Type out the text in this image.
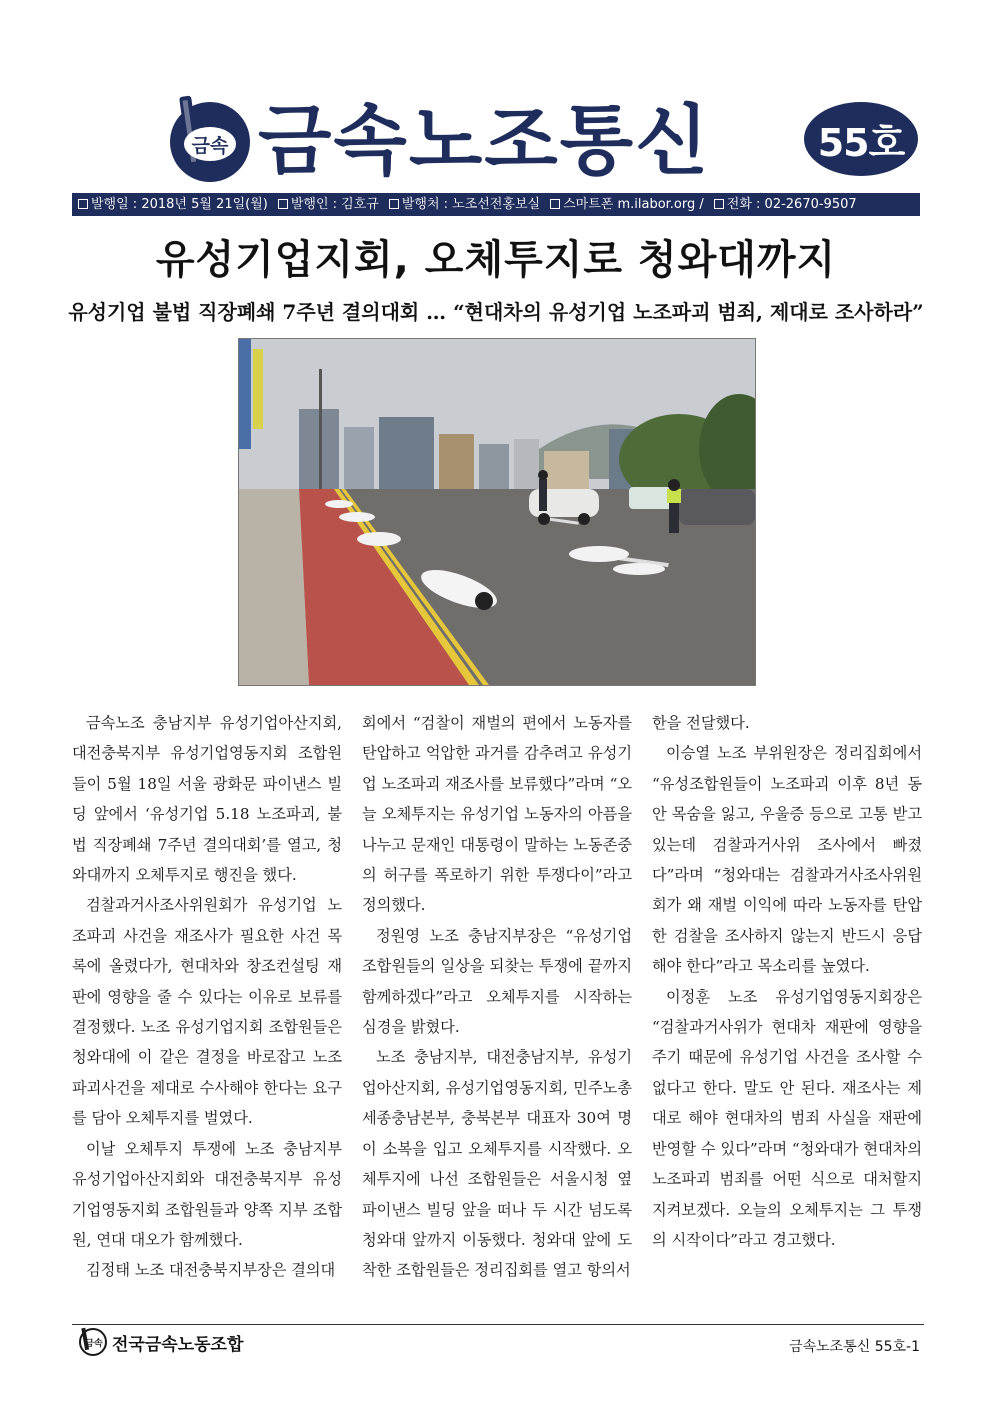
금속 금속노조통신	55호
발행일 : 2018년 5월 21일(월)	발행인 : 김호규	발행처 : 노조선전홍보실	스마트폰 m.ilabor.org /	전화 : 02-2670-9507
유성기업지회, 오체투지로 청와대까지
유성기업 불법 직장폐쇄 7주년 결의대회 … “현대차의 유성기업 노조파괴 범죄, 제대로 조사하라”

금속노조 충남지부 유성기업아산지회, 대전충북지부 유성기업영동지회 조합원들이 5월 18일 서울 광화문 파이낸스 빌딩 앞에서 ‘유성기업 5.18 노조파괴, 불법 직장폐쇄 7주년 결의대회’를 열고, 청와대까지 오체투지로 행진을 했다.

검찰과거사조사위원회가 유성기업 노조파괴 사건을 재조사가 필요한 사건 목록에 올렸다가, 현대차와 창조컨설팅 재판에 영향을 줄 수 있다는 이유로 보류를 결정했다. 노조 유성기업지회 조합원들은 청와대에 이 같은 결정을 바로잡고 노조파괴사건을 제대로 수사해야 한다는 요구를 담아 오체투지를 벌였다.

이날 오체투지 투쟁에 노조 충남지부 유성기업아산지회와 대전충북지부 유성기업영동지회 조합원들과 양쪽 지부 조합원, 연대 대오가 함께했다.

김정태 노조 대전충북지부장은 결의대

회에서 “검찰이 재벌의 편에서 노동자를 탄압하고 억압한 과거를 감추려고 유성기업 노조파괴 재조사를 보류했다”라며 “오늘 오체투지는 유성기업 노동자의 아픔을 나누고 문재인 대통령이 말하는 노동존중의 허구를 폭로하기 위한 투쟁다이”라고 정의했다.

정원영 노조 충남지부장은 “유성기업 조합원들의 일상을 되찾는 투쟁에 끝까지 함께하겠다”라고 오체투지를 시작하는 심경을 밝혔다.

노조 충남지부, 대전충남지부, 유성기업아산지회, 유성기업영동지회, 민주노총 세종충남본부, 충북본부 대표자 30여 명이 소복을 입고 오체투지를 시작했다. 오체투지에 나선 조합원들은 서울시청 옆 파이낸스 빌딩 앞을 떠나 두 시간 넘도록 청와대 앞까지 이동했다. 청와대 앞에 도착한 조합원들은 정리집회를 열고 항의서

한을 전달했다.

이승열 노조 부위원장은 정리집회에서 “유성조합원들이 노조파괴 이후 8년 동안 목숨을 잃고, 우울증 등으로 고통 받고 있는데 검찰과거사위 조사에서 빠졌다”라며 “청와대는 검찰과거사조사위원회가 왜 재벌 이익에 따라 노동자를 탄압한 검찰을 조사하지 않는지 반드시 응답해야 한다”라고 목소리를 높였다.

이정훈 노조 유성기업영동지회장은 “검찰과거사위가 현대차 재판에 영향을 주기 때문에 유성기업 사건을 조사할 수 없다고 한다. 말도 안 된다. 재조사는 제대로 해야 현대차의 범죄 사실을 재판에 반영할 수 있다”라며 “청와대가 현대차의 노조파괴 범죄를 어떤 식으로 대처할지 지켜보겠다. 오늘의 오체투지는 그 투쟁의 시작이다”라고 경고했다.

금속 전국금속노동조합	금속노조통신 55호-1
